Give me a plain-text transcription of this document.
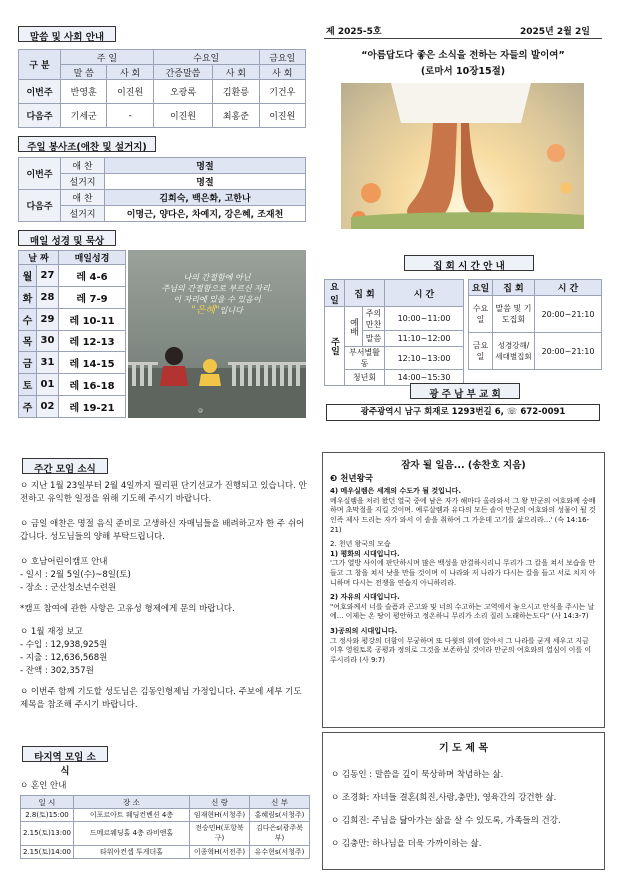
말씀 및 사회 안내
구 분	주 일		수요일		금요일
	말 씀	사 회	간증말씀	사 회	사 회
이번주	반영훈	이진원	오광록	김환릉	기건우
다음주	기세군	-	이진원	최홍준	이진원
주일 봉사조(애찬 및 설거지)
이번주	애 찬	명절
	설거지	명절
다음주	애 찬	김희숙, 백은화, 고한나
	설거지	이명근, 양다은, 차예지, 강은혜, 조재천
매일 성경 및 묵상
날 짜		매일성경
월	27	레 4-6
화	28	레 7-9
수	29	레 10-11
목	30	레 12-13
금	31	레 14-15
토	01	레 16-18
주	02	레 19-21
나의 간절함에 아닌
주님의 간절함으로 부르신 자리.
이 자리에 있을 수 있음이
"은혜"입니다
@
제 2025-5호	2025년 2월 2일
“아름답도다 좋은 소식을 전하는 자들의 발이여”
(로마서 10장15절)
집 회 시 간 안 내
요일	집 회		시 간
주일	예배	주의 만찬	10:00~11:00
		말씀	11:10~12:00
	부서별활동		12:10~13:00
	청년회		14:00~15:30
요일	집 회	시 간
수요일	말씀 및 기도집회	20:00~21:10
금요일	성경강해/세대별집회	20:00~21:10
광 주 남 부 교 회
광주광역시 남구 회재로 1293번길 6, ☏ 672-0091
주간 모임 소식

ㅇ 지난 1월 23일부터 2월 4일까지 필리핀 단기선교가 진행되고 있습니다. 안전하고 유익한 일정을 위해 기도해 주시기 바랍니다.

ㅇ 금일 애찬은 명절 음식 준비로 고생하신 자매님들을 배려하고자 한 주 쉬어갑니다. 성도님들의 양해 부탁드립니다.

ㅇ 호남어린이캠프 안내

- 일시 : 2월 5일(수)~8일(토)

- 장소 : 군산청소년수련원

*캠프 참여에 관한 사항은 고유성 형제에게 문의 바랍니다.

ㅇ 1월 재정 보고

- 수입 : 12,938,925원

- 지출 : 12,636,568원

- 잔액 : 302,357원

ㅇ 이번주 함께 기도할 성도님은 김동인형제님 가정입니다. 주보에 세부 기도 제목을 참조해 주시기 바랍니다.

타지역 모임 소식
ㅇ 혼인 안내
일 시	장 소	신 랑	신 부
2.8(토)15:00	이포르아트 웨딩컨벤션 4층	임재현H(서청주)	홍혜림s(서청주)
2.15(토)13:00	드메르웨딩홀 4층 라비앤홀	전승민H(포항북구)	김다은s(광주북부)
2.15(토)14:00	타워아컨셉 투게더홀	이종혁H(서전주)	유수현s(서청주)
잠자 될 일음... (송찬호 지음)
❸ 천년왕국
4) 메우실렘은 세계의 수도가 될 것입니다.
메우실렘을 처러 왔던 열국 중에 남은 자가 해마다 올라와서 그 왕 만군의 여호와께 숭배하며 초막절을 지킬 것이며. 예루살렘과 유다의 모든 솥이 만군의 여호와의 성물이 될 것인즉 제사 드리는 자가 와서 이 솥을 취하여 그 가운데 고기를 삶으리라...' (슥 14:16-21)
2. 천년 왕국의 모습
1) 평화의 시대입니다.
'그가 열방 사이에 판단하시며 많은 백성을 판결하시리니 무리가 그 칼을 쳐서 보습을 만들고 그 창을 쳐서 낫을 만들 것이며 이 나라와 저 나라가 다시는 칼을 들고 서로 치지 아니하며 다시는 전쟁을 연습지 아니하리라.
2) 자유의 시대입니다.
"여호와께서 너를 슬픔과 곤고와 및 너의 수고하는 고역에서 놓으시고 안식을 주시는 날에... 이제는 온 땅이 평안하고 정온하니 무리가 소리 질러 노래하는도다" (사 14:3-7)
3)공의의 시대입니다.
그 정사와 평강의 더함이 무궁하며 또 다윗의 위에 앉아서 그 나라를 굳게 세우고 지금 이후 영원토록 공평과 정의로 그것을 보존하실 것이라 만군의 여호와의 열심이 이를 이루시리라 (사 9:7)
기 도 제 목

ㅇ 김동인 : 말씀을 깊이 묵상하며 착념하는 삶.

ㅇ 조경화: 자녀들 결혼(희진,사랑,충만), 영육간의 강건한 삶.

ㅇ 김희진: 주님을 닮아가는 삶을 살 수 있도록, 가족들의 건강.

ㅇ 김충만: 하나님을 더욱 가까이하는 삶.
